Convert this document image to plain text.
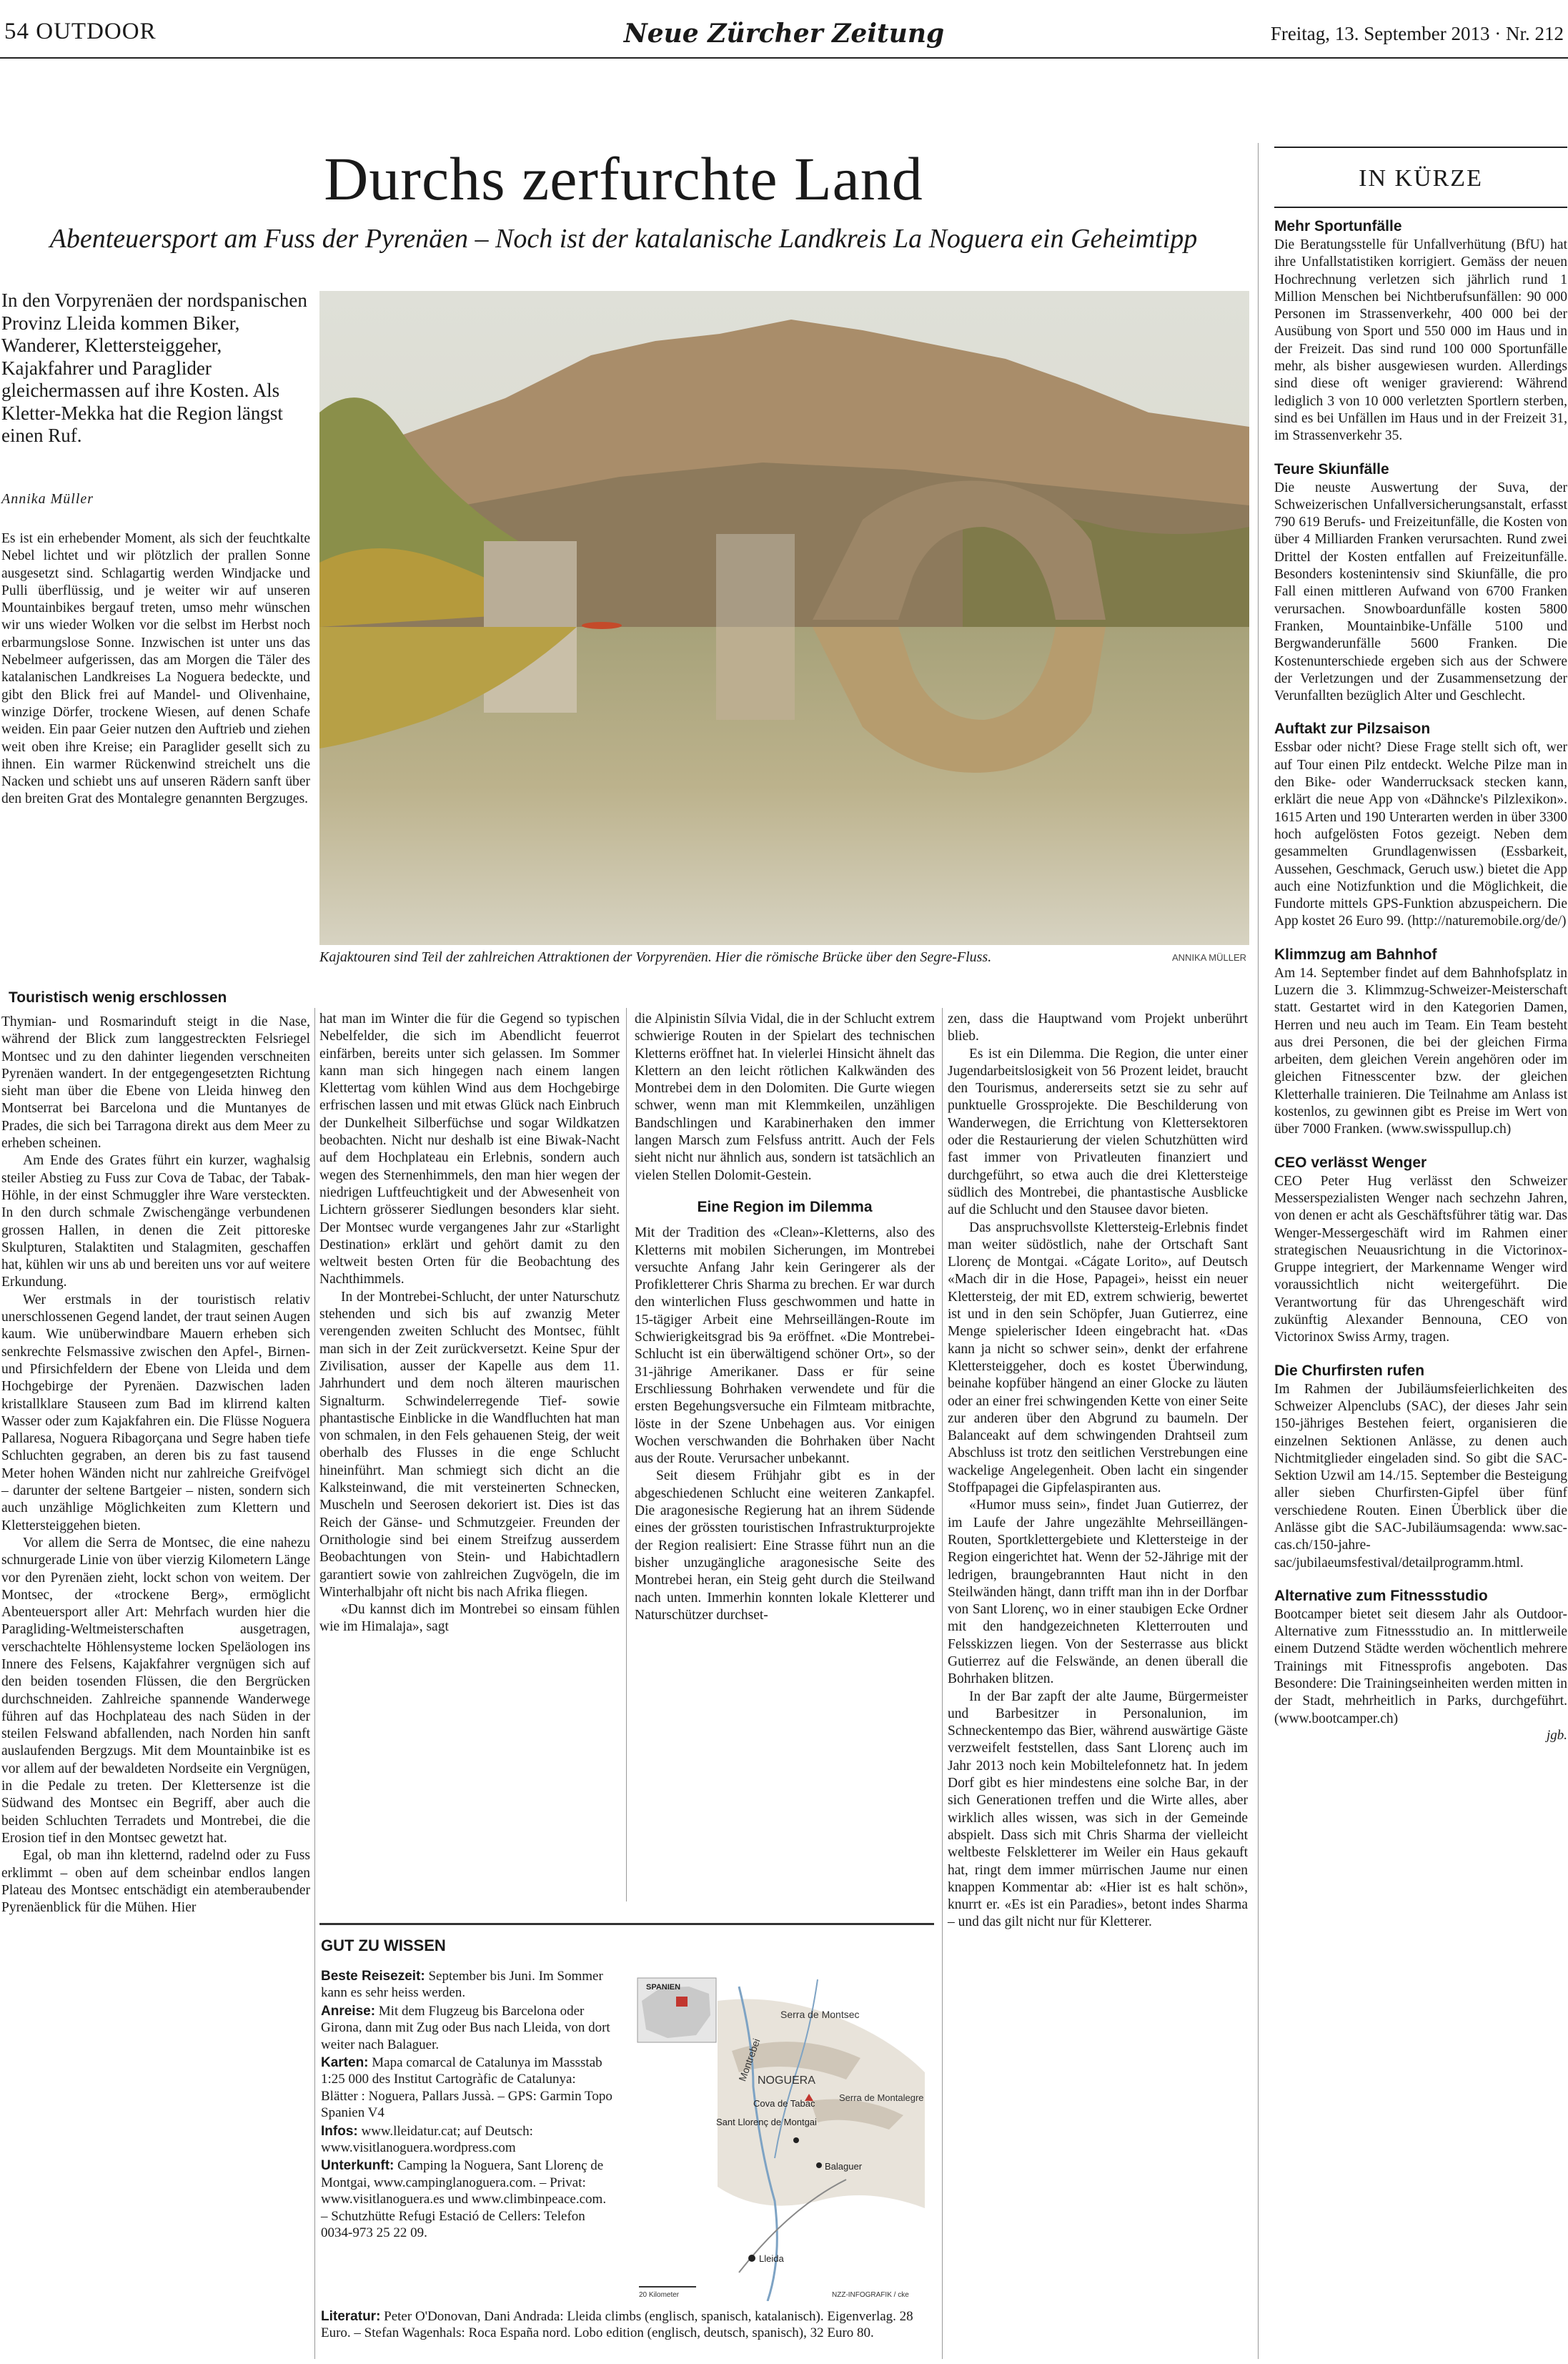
54 OUTDOOR	Neue Zürcher Zeitung	Freitag, 13. September 2013 · Nr. 212
Durchs zerfurchte Land
Abenteuersport am Fuss der Pyrenäen – Noch ist der katalanische Landkreis La Noguera ein Geheimtipp
In den Vorpyrenäen der nordspanischen Provinz Lleida kommen Biker, Wanderer, Klettersteiggeher, Kajakfahrer und Paraglider gleichermassen auf ihre Kosten. Als Kletter-Mekka hat die Region längst einen Ruf.
Annika Müller
Kajaktouren sind Teil der zahlreichen Attraktionen der Vorpyrenäen. Hier die römische Brücke über den Segre-Fluss.	ANNIKA MÜLLER

Es ist ein erhebender Moment, als sich der feuchtkalte Nebel lichtet und wir plötzlich der prallen Sonne ausgesetzt sind. Schlagartig werden Windjacke und Pulli überflüssig, und je weiter wir auf unseren Mountainbikes bergauf treten, umso mehr wünschen wir uns wieder Wolken vor die selbst im Herbst noch erbarmungslose Sonne. Inzwischen ist unter uns das Nebelmeer aufgerissen, das am Morgen die Täler des katalanischen Landkreises La Noguera bedeckte, und gibt den Blick frei auf Mandel- und Olivenhaine, winzige Dörfer, trockene Wiesen, auf denen Schafe weiden. Ein paar Geier nutzen den Auftrieb und ziehen weit oben ihre Kreise; ein Paraglider gesellt sich zu ihnen. Ein warmer Rückenwind streichelt uns die Nacken und schiebt uns auf unseren Rädern sanft über den breiten Grat des Montalegre genannten Bergzuges.

Touristisch wenig erschlossen

Thymian- und Rosmarinduft steigt in die Nase, während der Blick zum langgestreckten Felsriegel Montsec und zu den dahinter liegenden verschneiten Pyrenäen wandert. In der entgegengesetzten Richtung sieht man über die Ebene von Lleida hinweg den Montserrat bei Barcelona und die Muntanyes de Prades, die sich bei Tarragona direkt aus dem Meer zu erheben scheinen.

Am Ende des Grates führt ein kurzer, waghalsig steiler Abstieg zu Fuss zur Cova de Tabac, der Tabak-Höhle, in der einst Schmuggler ihre Ware versteckten. In den durch schmale Zwischengänge verbundenen grossen Hallen, in denen die Zeit pittoreske Skulpturen, Stalaktiten und Stalagmiten, geschaffen hat, kühlen wir uns ab und bereiten uns vor auf weitere Erkundung.

Wer erstmals in der touristisch relativ unerschlossenen Gegend landet, der traut seinen Augen kaum. Wie unüberwindbare Mauern erheben sich senkrechte Felsmassive zwischen den Apfel-, Birnen- und Pfirsichfeldern der Ebene von Lleida und dem Hochgebirge der Pyrenäen. Dazwischen laden kristallklare Stauseen zum Bad im klirrend kalten Wasser oder zum Kajakfahren ein. Die Flüsse Noguera Pallaresa, Noguera Ribagorçana und Segre haben tiefe Schluchten gegraben, an deren bis zu fast tausend Meter hohen Wänden nicht nur zahlreiche Greifvögel – darunter der seltene Bartgeier – nisten, sondern sich auch unzählige Möglichkeiten zum Klettern und Klettersteiggehen bieten.

Vor allem die Serra de Montsec, die eine nahezu schnurgerade Linie von über vierzig Kilometern Länge vor den Pyrenäen zieht, lockt schon von weitem. Der Montsec, der «trockene Berg», ermöglicht Abenteuersport aller Art: Mehrfach wurden hier die Paragliding-Weltmeisterschaften ausgetragen, verschachtelte Höhlensysteme locken Speläologen ins Innere des Felsens, Kajakfahrer vergnügen sich auf den beiden tosenden Flüssen, die den Bergrücken durchschneiden. Zahlreiche spannende Wanderwege führen auf das Hochplateau des nach Süden in der steilen Felswand abfallenden, nach Norden hin sanft auslaufenden Bergzugs. Mit dem Mountainbike ist es vor allem auf der bewaldeten Nordseite ein Vergnügen, in die Pedale zu treten. Der Klettersenze ist die Südwand des Montsec ein Begriff, aber auch die beiden Schluchten Terradets und Montrebei, die die Erosion tief in den Montsec gewetzt hat.

Egal, ob man ihn kletternd, radelnd oder zu Fuss erklimmt – oben auf dem scheinbar endlos langen Plateau des Montsec entschädigt ein atemberaubender Pyrenäenblick für die Mühen. Hier

hat man im Winter die für die Gegend so typischen Nebelfelder, die sich im Abendlicht feuerrot einfärben, bereits unter sich gelassen. Im Sommer kann man sich hingegen nach einem langen Klettertag vom kühlen Wind aus dem Hochgebirge erfrischen lassen und mit etwas Glück nach Einbruch der Dunkelheit Silberfüchse und sogar Wildkatzen beobachten. Nicht nur deshalb ist eine Biwak-Nacht auf dem Hochplateau ein Erlebnis, sondern auch wegen des Sternenhimmels, den man hier wegen der niedrigen Luftfeuchtigkeit und der Abwesenheit von Lichtern grösserer Siedlungen besonders klar sieht. Der Montsec wurde vergangenes Jahr zur «Starlight Destination» erklärt und gehört damit zu den weltweit besten Orten für die Beobachtung des Nachthimmels.

In der Montrebei-Schlucht, der unter Naturschutz stehenden und sich bis auf zwanzig Meter verengenden zweiten Schlucht des Montsec, fühlt man sich in der Zeit zurückversetzt. Keine Spur der Zivilisation, ausser der Kapelle aus dem 11. Jahrhundert und dem noch älteren maurischen Signalturm. Schwindelerregende Tief- sowie phantastische Einblicke in die Wandfluchten hat man von schmalen, in den Fels gehauenen Steig, der weit oberhalb des Flusses in die enge Schlucht hineinführt. Man schmiegt sich dicht an die Kalksteinwand, die mit versteinerten Schnecken, Muscheln und Seerosen dekoriert ist. Dies ist das Reich der Gänse- und Schmutzgeier. Freunden der Ornithologie sind bei einem Streifzug ausserdem Beobachtungen von Stein- und Habichtadlern garantiert sowie von zahlreichen Zugvögeln, die im Winterhalbjahr oft nicht bis nach Afrika fliegen.

«Du kannst dich im Montrebei so einsam fühlen wie im Himalaja», sagt

die Alpinistin Sílvia Vidal, die in der Schlucht extrem schwierige Routen in der Spielart des technischen Kletterns eröffnet hat. In vielerlei Hinsicht ähnelt das Klettern an den leicht rötlichen Kalkwänden des Montrebei dem in den Dolomiten. Die Gurte wiegen schwer, wenn man mit Klemmkeilen, unzähligen Bandschlingen und Karabinerhaken den immer langen Marsch zum Felsfuss antritt. Auch der Fels sieht nicht nur ähnlich aus, sondern ist tatsächlich an vielen Stellen Dolomit-Gestein.

Eine Region im Dilemma

Mit der Tradition des «Clean»-Kletterns, also des Kletterns mit mobilen Sicherungen, im Montrebei versuchte Anfang Jahr kein Geringerer als der Profikletterer Chris Sharma zu brechen. Er war durch den winterlichen Fluss geschwommen und hatte in 15-tägiger Arbeit eine Mehrseillängen-Route im Schwierigkeitsgrad bis 9a eröffnet. «Die Montrebei-Schlucht ist ein überwältigend schöner Ort», so der 31-jährige Amerikaner. Dass er für seine Erschliessung Bohrhaken verwendete und für die ersten Begehungsversuche ein Filmteam mitbrachte, löste in der Szene Unbehagen aus. Vor einigen Wochen verschwanden die Bohrhaken über Nacht aus der Route. Verursacher unbekannt.

Seit diesem Frühjahr gibt es in der abgeschiedenen Schlucht eine weiteren Zankapfel. Die aragonesische Regierung hat an ihrem Südende eines der grössten touristischen Infrastrukturprojekte der Region realisiert: Eine Strasse führt nun an die bisher unzugängliche aragonesische Seite des Montrebei heran, ein Steig geht durch die Steilwand nach unten. Immerhin konnten lokale Kletterer und Naturschützer durchset-

zen, dass die Hauptwand vom Projekt unberührt blieb.

Es ist ein Dilemma. Die Region, die unter einer Jugendarbeitslosigkeit von 56 Prozent leidet, braucht den Tourismus, andererseits setzt sie zu sehr auf punktuelle Grossprojekte. Die Beschilderung von Wanderwegen, die Errichtung von Klettersektoren oder die Restaurierung der vielen Schutzhütten wird fast immer von Privatleuten finanziert und durchgeführt, so etwa auch die drei Klettersteige südlich des Montrebei, die phantastische Ausblicke auf die Schlucht und den Stausee davor bieten.

Das anspruchsvollste Klettersteig-Erlebnis findet man weiter südöstlich, nahe der Ortschaft Sant Llorenç de Montgai. «Cágate Lorito», auf Deutsch «Mach dir in die Hose, Papagei», heisst ein neuer Klettersteig, der mit ED, extrem schwierig, bewertet ist und in den sein Schöpfer, Juan Gutierrez, eine Menge spielerischer Ideen eingebracht hat. «Das kann ja nicht so schwer sein», denkt der erfahrene Klettersteiggeher, doch es kostet Überwindung, beinahe kopfüber hängend an einer Glocke zu läuten oder an einer frei schwingenden Kette von einer Seite zur anderen über den Abgrund zu baumeln. Der Balanceakt auf dem schwingenden Drahtseil zum Abschluss ist trotz den seitlichen Verstrebungen eine wackelige Angelegenheit. Oben lacht ein singender Stoffpapagei die Gipfelaspiranten aus.

«Humor muss sein», findet Juan Gutierrez, der im Laufe der Jahre ungezählte Mehrseillängen-Routen, Sportklettergebiete und Klettersteige in der Region eingerichtet hat. Wenn der 52-Jährige mit der ledrigen, braungebrannten Haut nicht in den Steilwänden hängt, dann trifft man ihn in der Dorfbar von Sant Llorenç, wo in einer staubigen Ecke Ordner mit den handgezeichneten Kletterrouten und Felsskizzen liegen. Von der Sesterrasse aus blickt Gutierrez auf die Felswände, an denen überall die Bohrhaken blitzen.

In der Bar zapft der alte Jaume, Bürgermeister und Barbesitzer in Personalunion, im Schneckentempo das Bier, während auswärtige Gäste verzweifelt feststellen, dass Sant Llorenç auch im Jahr 2013 noch kein Mobiltelefonnetz hat. In jedem Dorf gibt es hier mindestens eine solche Bar, in der sich Generationen treffen und die Wirte alles, aber wirklich alles wissen, was sich in der Gemeinde abspielt. Dass sich mit Chris Sharma der vielleicht weltbeste Felskletterer im Weiler ein Haus gekauft hat, ringt dem immer mürrischen Jaume nur einen knappen Kommentar ab: «Hier ist es halt schön», knurrt er. «Es ist ein Paradies», betont indes Sharma – und das gilt nicht nur für Kletterer.

GUT ZU WISSEN

Beste Reisezeit: September bis Juni. Im Sommer kann es sehr heiss werden.

Anreise: Mit dem Flugzeug bis Barcelona oder Girona, dann mit Zug oder Bus nach Lleida, von dort weiter nach Balaguer.

Karten: Mapa comarcal de Catalunya im Massstab 1:25 000 des Institut Cartogràfic de Catalunya: Blätter : Noguera, Pallars Jussà. – GPS: Garmin Topo Spanien V4

Infos: www.lleidatur.cat; auf Deutsch: www.visitlanoguera.wordpress.com

Unterkunft: Camping la Noguera, Sant Llorenç de Montgai, www.campinglanoguera.com. – Privat: www.visitlanoguera.es und www.climbinpeace.com. – Schutzhütte Refugi Estació de Cellers: Telefon 0034-973 25 22 09.

Literatur: Peter O'Donovan, Dani Andrada: Lleida climbs (englisch, spanisch, katalanisch). Eigenverlag. 28 Euro. – Stefan Wagenhals: Roca España nord. Lobo edition (englisch, deutsch, spanisch), 32 Euro 80.

SPANIEN
Serra de Montsec
Montrebei
NOGUERA
Cova de Tabac
Serra de Montalegre
Sant Llorenç de Montgai
Balaguer
Lleida
20 Kilometer	NZZ-INFOGRAFIK / cke
IN KÜRZE
Mehr Sportunfälle

Die Beratungsstelle für Unfallverhütung (BfU) hat ihre Unfallstatistiken korrigiert. Gemäss der neuen Hochrechnung verletzen sich jährlich rund 1 Million Menschen bei Nichtberufsunfällen: 90 000 Personen im Strassenverkehr, 400 000 bei der Ausübung von Sport und 550 000 im Haus und in der Freizeit. Das sind rund 100 000 Sportunfälle mehr, als bisher ausgewiesen wurden. Allerdings sind diese oft weniger gravierend: Während lediglich 3 von 10 000 verletzten Sportlern sterben, sind es bei Unfällen im Haus und in der Freizeit 31, im Strassenverkehr 35.

Teure Skiunfälle

Die neuste Auswertung der Suva, der Schweizerischen Unfallversicherungsanstalt, erfasst 790 619 Berufs- und Freizeitunfälle, die Kosten von über 4 Milliarden Franken verursachten. Rund zwei Drittel der Kosten entfallen auf Freizeitunfälle. Besonders kostenintensiv sind Skiunfälle, die pro Fall einen mittleren Aufwand von 6700 Franken verursachen. Snowboardunfälle kosten 5800 Franken, Mountainbike-Unfälle 5100 und Bergwanderunfälle 5600 Franken. Die Kostenunterschiede ergeben sich aus der Schwere der Verletzungen und der Zusammensetzung der Verunfallten bezüglich Alter und Geschlecht.

Auftakt zur Pilzsaison

Essbar oder nicht? Diese Frage stellt sich oft, wer auf Tour einen Pilz entdeckt. Welche Pilze man in den Bike- oder Wanderrucksack stecken kann, erklärt die neue App von «Dähncke's Pilzlexikon». 1615 Arten und 190 Unterarten werden in über 3300 hoch aufgelösten Fotos gezeigt. Neben dem gesammelten Grundlagenwissen (Essbarkeit, Aussehen, Geschmack, Geruch usw.) bietet die App auch eine Notizfunktion und die Möglichkeit, die Fundorte mittels GPS-Funktion abzuspeichern. Die App kostet 26 Euro 99. (http://naturemobile.org/de/)

Klimmzug am Bahnhof

Am 14. September findet auf dem Bahnhofsplatz in Luzern die 3. Klimmzug-Schweizer-Meisterschaft statt. Gestartet wird in den Kategorien Damen, Herren und neu auch im Team. Ein Team besteht aus drei Personen, die bei der gleichen Firma arbeiten, dem gleichen Verein angehören oder im gleichen Fitnesscenter bzw. der gleichen Kletterhalle trainieren. Die Teilnahme am Anlass ist kostenlos, zu gewinnen gibt es Preise im Wert von über 7000 Franken. (www.swisspullup.ch)

CEO verlässt Wenger

CEO Peter Hug verlässt den Schweizer Messerspezialisten Wenger nach sechzehn Jahren, von denen er acht als Geschäftsführer tätig war. Das Wenger-Messergeschäft wird im Rahmen einer strategischen Neuausrichtung in die Victorinox-Gruppe integriert, der Markenname Wenger wird voraussichtlich nicht weitergeführt. Die Verantwortung für das Uhrengeschäft wird zukünftig Alexander Bennouna, CEO von Victorinox Swiss Army, tragen.

Die Churfirsten rufen

Im Rahmen der Jubiläumsfeierlichkeiten des Schweizer Alpenclubs (SAC), der dieses Jahr sein 150-jähriges Bestehen feiert, organisieren die einzelnen Sektionen Anlässe, zu denen auch Nichtmitglieder eingeladen sind. So gibt die SAC-Sektion Uzwil am 14./15. September die Besteigung aller sieben Churfirsten-Gipfel über fünf verschiedene Routen. Einen Überblick über die Anlässe gibt die SAC-Jubiläumsagenda: www.sac-cas.ch/150-jahre-sac/jubilaeumsfestival/detailprogramm.html.

Alternative zum Fitnessstudio

Bootcamper bietet seit diesem Jahr als Outdoor-Alternative zum Fitnessstudio an. In mittlerweile einem Dutzend Städte werden wöchentlich mehrere Trainings mit Fitnessprofis angeboten. Das Besondere: Die Trainingseinheiten werden mitten in der Stadt, mehrheitlich in Parks, durchgeführt. (www.bootcamper.ch)

jgb.
